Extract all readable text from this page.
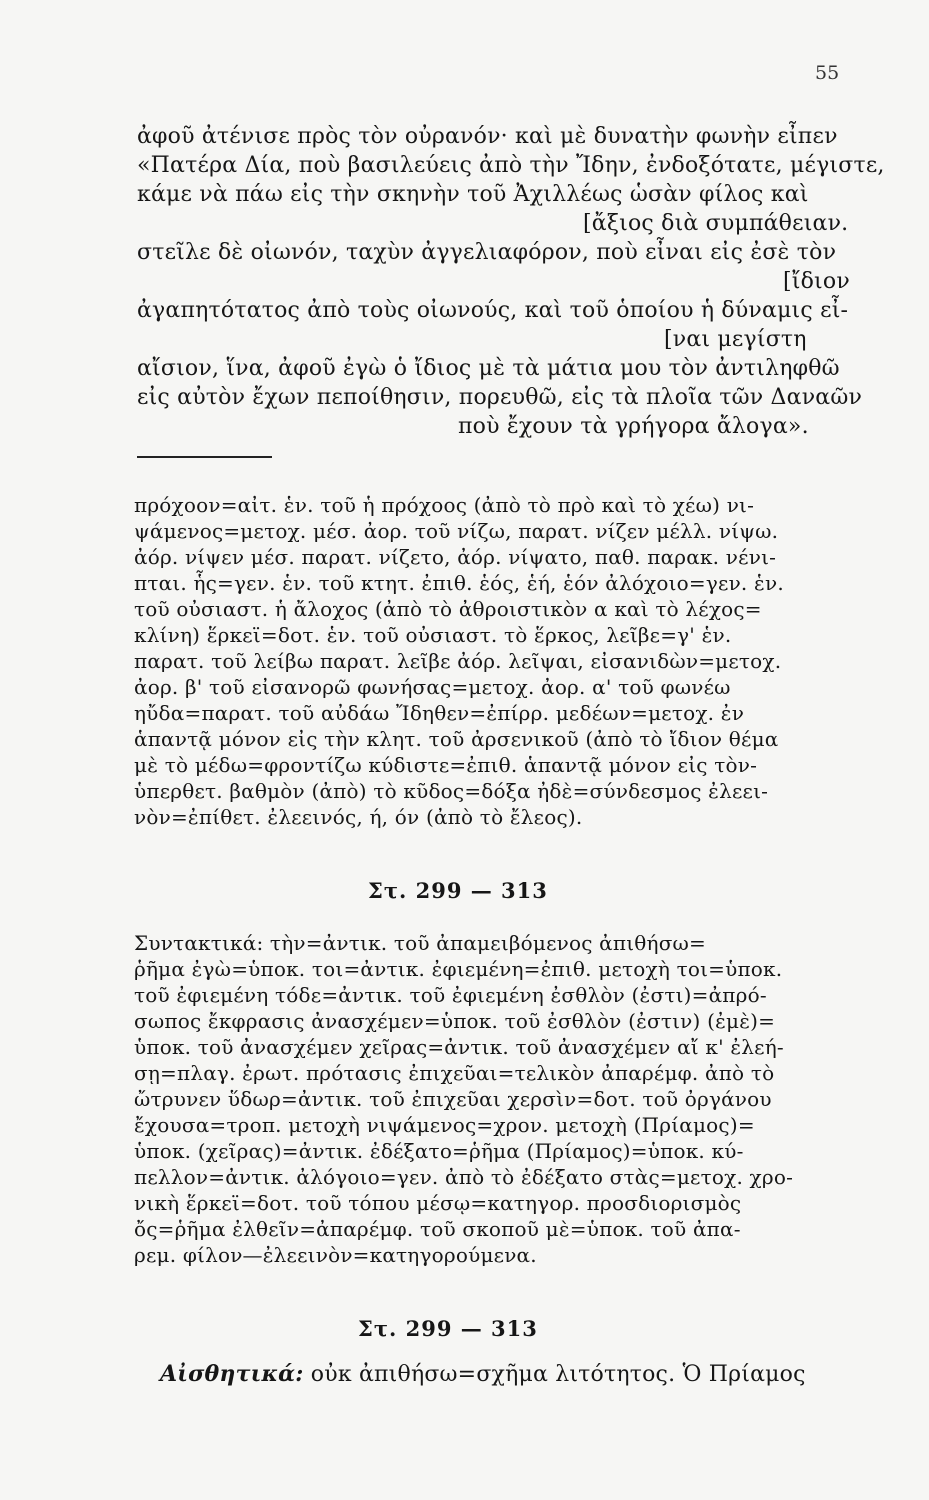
55
ἀφοῦ ἀτένισε πρὸς τὸν οὐρανόν· καὶ μὲ δυνατὴν φωνὴν εἶπεν
«Πατέρα Δία, ποὺ βασιλεύεις ἀπὸ τὴν Ἴδην, ἐνδοξότατε, μέγιστε,
κάμε νὰ πάω εἰς τὴν σκηνὴν τοῦ Ἀχιλλέως ὡσὰν φίλος καὶ
[ἄξιος διὰ συμπάθειαν.
στεῖλε δὲ οἰωνόν, ταχὺν ἀγγελιαφόρον, ποὺ εἶναι εἰς ἐσὲ τὸν
[ἴδιον
ἀγαπητότατος ἀπὸ τοὺς οἰωνούς, καὶ τοῦ ὁποίου ἡ δύναμις εἶ-
[ναι μεγίστη
αἴσιον, ἵνα, ἀφοῦ ἐγὼ ὁ ἴδιος μὲ τὰ μάτια μου τὸν ἀντιληφθῶ
εἰς αὐτὸν ἔχων πεποίθησιν, πορευθῶ, εἰς τὰ πλοῖα τῶν Δαναῶν
ποὺ ἔχουν τὰ γρήγορα ἄλογα».
πρόχοον=αἰτ. ἑν. τοῦ ἡ πρόχοος (ἀπὸ τὸ πρὸ καὶ τὸ χέω) νι-
ψάμενος=μετοχ. μέσ. ἀορ. τοῦ νίζω, παρατ. νίζεν μέλλ. νίψω.
ἀόρ. νίψεν μέσ. παρατ. νίζετο, ἀόρ. νίψατο, παθ. παρακ. νένι-
πται. ἧς=γεν. ἑν. τοῦ κτητ. ἐπιθ. ἑός, ἑή, ἑόν ἀλόχοιο=γεν. ἑν.
τοῦ οὐσιαστ. ἡ ἄλοχος (ἀπὸ τὸ ἀθροιστικὸν α καὶ τὸ λέχος=
κλίνη) ἕρκεϊ=δοτ. ἑν. τοῦ οὐσιαστ. τὸ ἕρκος, λεῖβε=γ' ἑν.
παρατ. τοῦ λείβω παρατ. λεῖβε ἀόρ. λεῖψαι, εἰσανιδὼν=μετοχ.
ἀορ. β' τοῦ εἰσανορῶ φωνήσας=μετοχ. ἀορ. α' τοῦ φωνέω
ηὔδα=παρατ. τοῦ αὐδάω Ἴδηθεν=ἐπίρρ. μεδέων=μετοχ. ἐν
ἁπαντᾷ μόνον εἰς τὴν κλητ. τοῦ ἀρσενικοῦ (ἀπὸ τὸ ἴδιον θέμα
μὲ τὸ μέδω=φροντίζω κύδιστε=ἐπιθ. ἁπαντᾷ μόνον εἰς τὸν-
ὑπερθετ. βαθμὸν (ἀπὸ) τὸ κῦδος=δόξα ἠδὲ=σύνδεσμος ἐλεει-
νὸν=ἐπίθετ. ἐλεεινός, ή, όν (ἀπὸ τὸ ἔλεος).
Στ. 299 — 313
Συντακτικά: τὴν=ἀντικ. τοῦ ἀπαμειβόμενος ἀπιθήσω=
ῥῆμα ἐγὼ=ὑποκ. τοι=ἀντικ. ἐφιεμένη=ἐπιθ. μετοχὴ τοι=ὑποκ.
τοῦ ἐφιεμένη τόδε=ἀντικ. τοῦ ἐφιεμένη ἐσθλὸν (ἐστι)=ἀπρό-
σωπος ἔκφρασις ἀνασχέμεν=ὑποκ. τοῦ ἐσθλὸν (ἐστιν) (ἐμὲ)=
ὑποκ. τοῦ ἀνασχέμεν χεῖρας=ἀντικ. τοῦ ἀνασχέμεν αἴ κ' ἐλεή-
σῃ=πλαγ. ἐρωτ. πρότασις ἐπιχεῦαι=τελικὸν ἀπαρέμφ. ἀπὸ τὸ
ὤτρυνεν ὕδωρ=ἀντικ. τοῦ ἐπιχεῦαι χερσὶν=δοτ. τοῦ ὀργάνου
ἔχουσα=τροπ. μετοχὴ νιψάμενος=χρον. μετοχὴ (Πρίαμος)=
ὑποκ. (χεῖρας)=ἀντικ. ἐδέξατο=ῥῆμα (Πρίαμος)=ὑποκ. κύ-
πελλον=ἀντικ. ἀλόγοιο=γεν. ἀπὸ τὸ ἐδέξατο στὰς=μετοχ. χρο-
νικὴ ἕρκεϊ=δοτ. τοῦ τόπου μέσῳ=κατηγορ. προσδιορισμὸς
ὄς=ῥῆμα ἐλθεῖν=ἀπαρέμφ. τοῦ σκοποῦ μὲ=ὑποκ. τοῦ ἀπα-
ρεμ. φίλον—ἐλεεινὸν=κατηγορούμενα.
Στ. 299 — 313
Αἰσθητικά: οὐκ ἀπιθήσω=σχῆμα λιτότητος. Ὁ Πρίαμος
